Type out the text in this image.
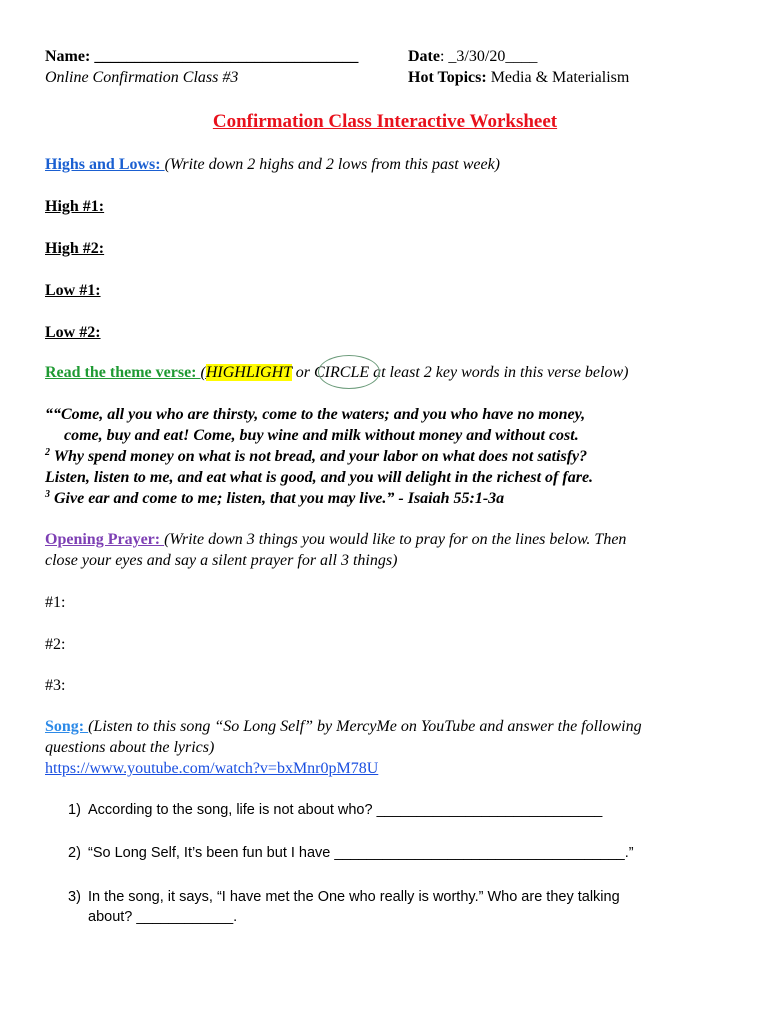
Name: _________________________________
Online Confirmation Class #3
Date: _3/30/20____
Hot Topics: Media & Materialism
Confirmation Class Interactive Worksheet
Highs and Lows: (Write down 2 highs and 2 lows from this past week)
High #1:
High #2:
Low #1:
Low #2:
Read the theme verse: (HIGHLIGHT or CIRCLE at least 2 key words in this verse below)
““Come, all you who are thirsty, come to the waters; and you who have no money,
come, buy and eat! Come, buy wine and milk without money and without cost.
$^2$ Why spend money on what is not bread, and your labor on what does not satisfy?
Listen, listen to me, and eat what is good, and you will delight in the richest of fare.
$^3$ Give ear and come to me; listen, that you may live.” - Isaiah 55:1-3a
Opening Prayer: (Write down 3 things you would like to pray for on the lines below. Then
close your eyes and say a silent prayer for all 3 things)
#1:
#2:
#3:
Song: (Listen to this song “So Long Self” by MercyMe on YouTube and answer the following
questions about the lyrics)
https://www.youtube.com/watch?v=bxMnr0pM78U
1) According to the song, life is not about who? ____________________________
2) “So Long Self, It’s been fun but I have ____________________________________.”
3) In the song, it says, “I have met the One who really is worthy.” Who are they talking
about? ____________.
